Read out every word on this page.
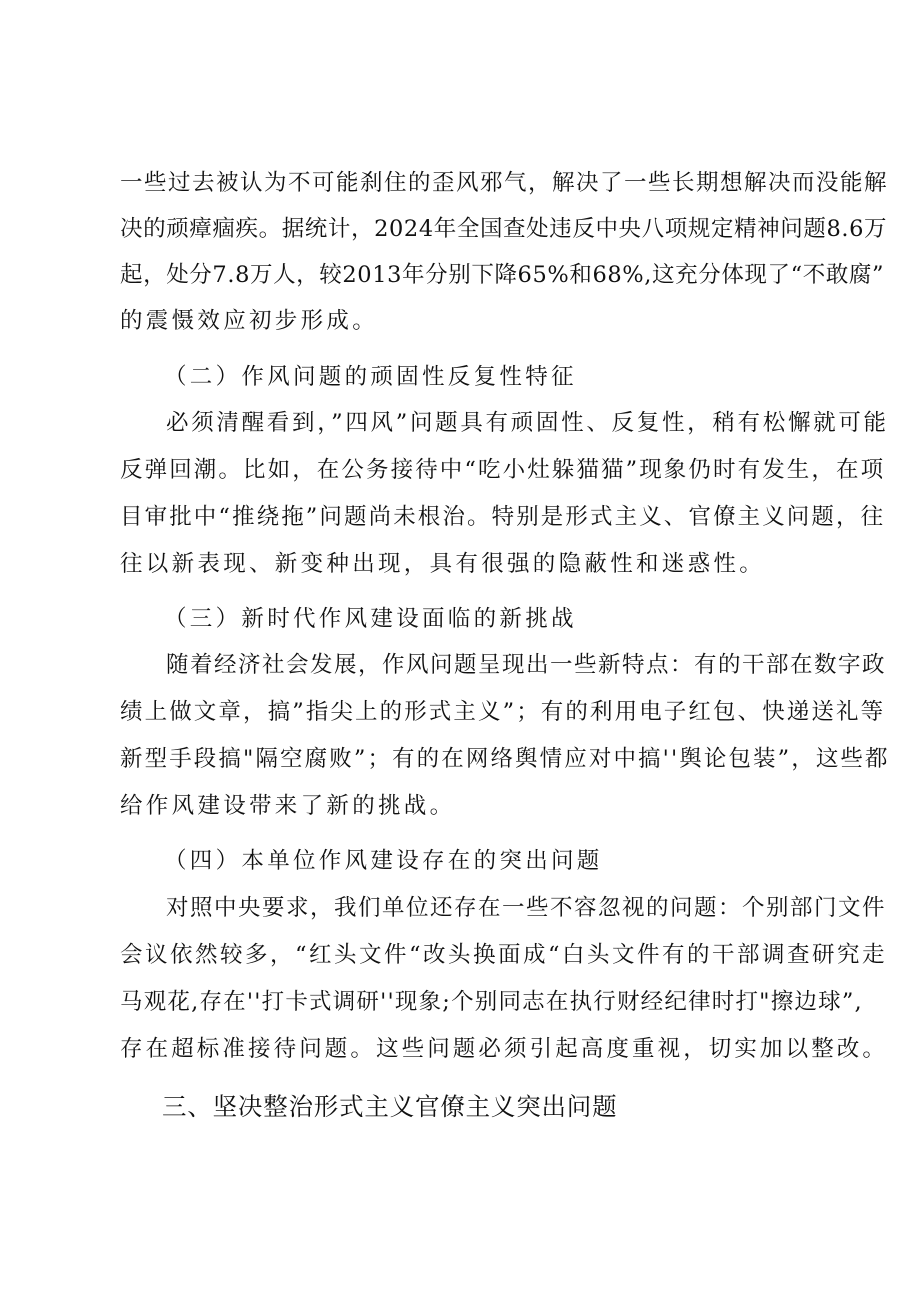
一些过去被认为不可能刹住的歪风邪气，解决了一些长期想解决而没能解
决的顽瘴痼疾。据统计，2024年全国查处违反中央八项规定精神问题8.6万
起，处分7.8万人，较2013年分别下降65%和68%,这充分体现了“不敢腐”
的震慑效应初步形成。
（二）作风问题的顽固性反复性特征
必须清醒看到，”四风”问题具有顽固性、反复性，稍有松懈就可能
反弹回潮。比如，在公务接待中“吃小灶躲猫猫”现象仍时有发生，在项
目审批中“推绕拖”问题尚未根治。特别是形式主义、官僚主义问题，往
往以新表现、新变种出现，具有很强的隐蔽性和迷惑性。
（三）新时代作风建设面临的新挑战
随着经济社会发展，作风问题呈现出一些新特点：有的干部在数字政
绩上做文章，搞”指尖上的形式主义”；有的利用电子红包、快递送礼等
新型手段搞"隔空腐败”；有的在网络舆情应对中搞''舆论包装”，这些都
给作风建设带来了新的挑战。
（四）本单位作风建设存在的突出问题
对照中央要求，我们单位还存在一些不容忽视的问题：个别部门文件
会议依然较多，“红头文件“改头换面成“白头文件有的干部调查研究走
马观花,存在''打卡式调研''现象;个别同志在执行财经纪律时打"擦边球”,
存在超标准接待问题。这些问题必须引起高度重视，切实加以整改。
三、坚决整治形式主义官僚主义突出问题
